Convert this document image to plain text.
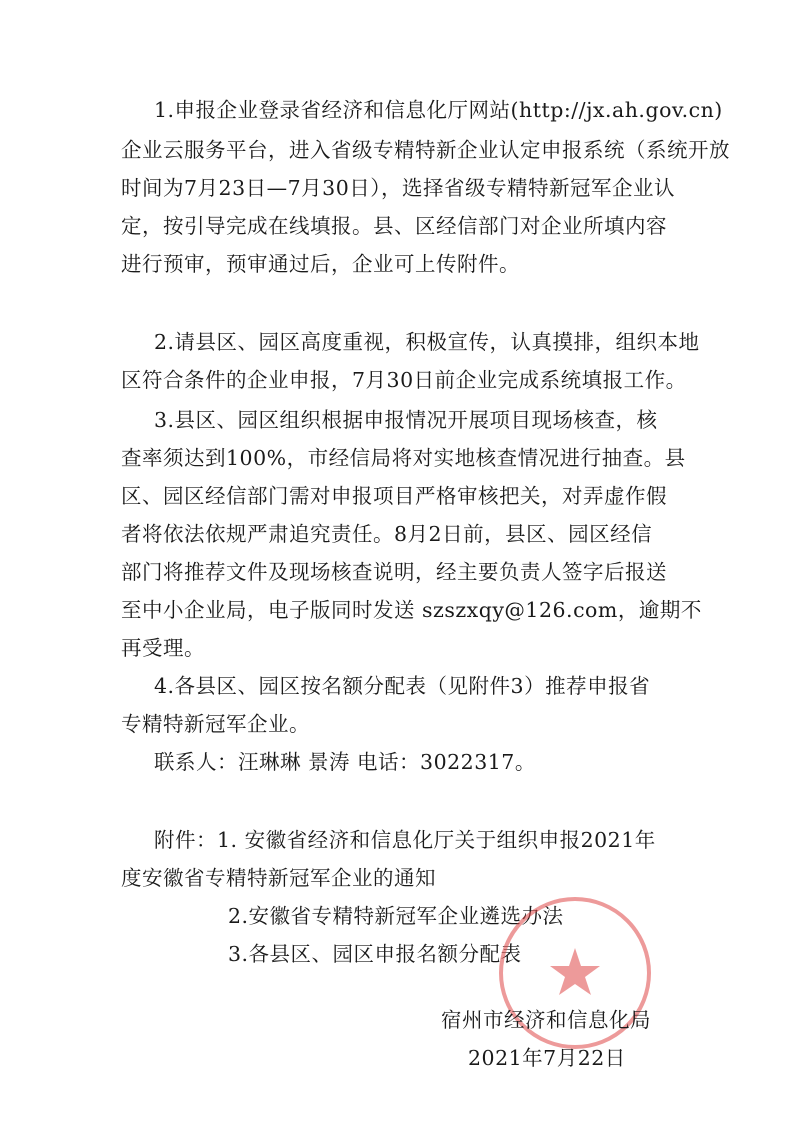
1.申报企业登录省经济和信息化厅网站(http://jx.ah.gov.cn)
企业云服务平台，进入省级专精特新企业认定申报系统（系统开放
时间为7月23日—7月30日），选择省级专精特新冠军企业认
定，按引导完成在线填报。县、区经信部门对企业所填内容
进行预审，预审通过后，企业可上传附件。
2.请县区、园区高度重视，积极宣传，认真摸排，组织本地
区符合条件的企业申报，7月30日前企业完成系统填报工作。
3.县区、园区组织根据申报情况开展项目现场核查，核
查率须达到100%，市经信局将对实地核查情况进行抽查。县
区、园区经信部门需对申报项目严格审核把关，对弄虚作假
者将依法依规严肃追究责任。8月2日前，县区、园区经信
部门将推荐文件及现场核查说明，经主要负责人签字后报送
至中小企业局，电子版同时发送 szszxqy@126.com，逾期不
再受理。
4.各县区、园区按名额分配表（见附件3）推荐申报省
专精特新冠军企业。
联系人：汪琳琳 景涛 电话：3022317。
附件：1. 安徽省经济和信息化厅关于组织申报2021年
度安徽省专精特新冠军企业的通知
2.安徽省专精特新冠军企业遴选办法
3.各县区、园区申报名额分配表
宿州市经济和信息化局
2021年7月22日
